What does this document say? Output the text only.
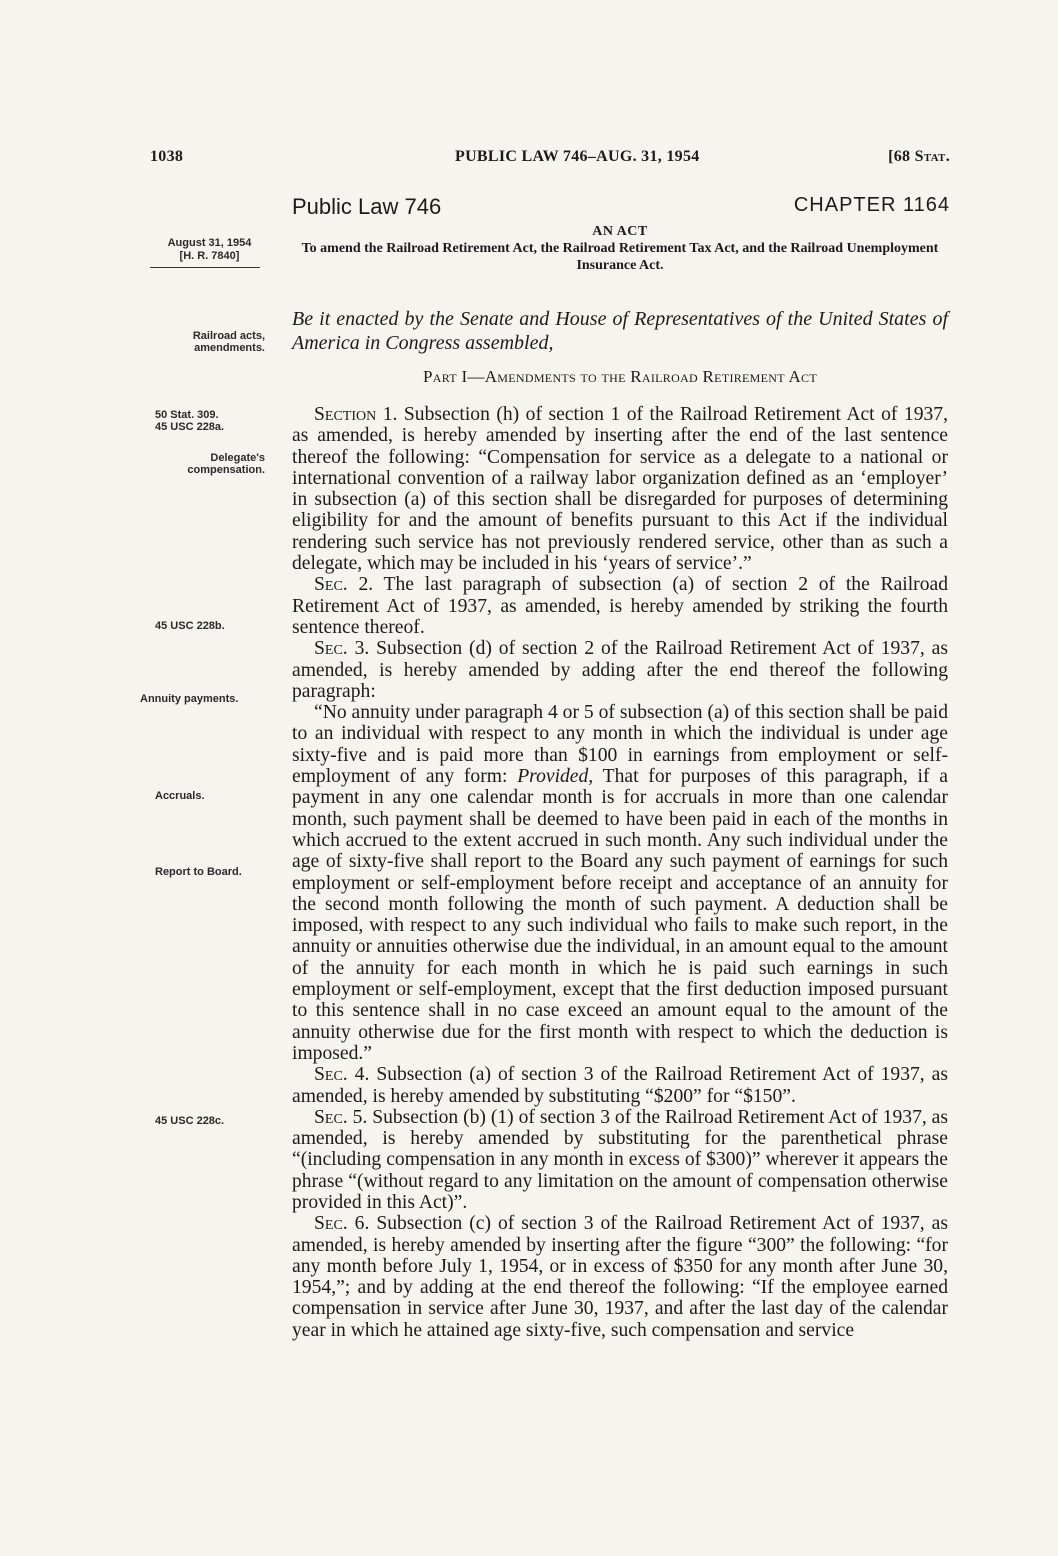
1038	PUBLIC LAW 746–AUG. 31, 1954	[68 Stat.
Public Law 746	CHAPTER 1164
AN ACT
To amend the Railroad Retirement Act, the Railroad Retirement Tax Act, and the Railroad Unemployment Insurance Act.
August 31, 1954
[H. R. 7840]
Railroad acts, amendments.
50 Stat. 309.
45 USC 228a.
Delegate's compensation.
45 USC 228b.
Annuity payments.
Accruals.
Report to Board.
45 USC 228c.
Be it enacted by the Senate and House of Representatives of the United States of America in Congress assembled,
Part I—Amendments to the Railroad Retirement Act

Section 1. Subsection (h) of section 1 of the Railroad Retirement Act of 1937, as amended, is hereby amended by inserting after the end of the last sentence thereof the following: “Compensation for service as a delegate to a national or international convention of a railway labor organization defined as an ‘employer’ in subsection (a) of this section shall be disregarded for purposes of determining eligibility for and the amount of benefits pursuant to this Act if the individual rendering such service has not previously rendered service, other than as such a delegate, which may be included in his ‘years of service’.”

Sec. 2. The last paragraph of subsection (a) of section 2 of the Railroad Retirement Act of 1937, as amended, is hereby amended by striking the fourth sentence thereof.

Sec. 3. Subsection (d) of section 2 of the Railroad Retirement Act of 1937, as amended, is hereby amended by adding after the end thereof the following paragraph:

“No annuity under paragraph 4 or 5 of subsection (a) of this section shall be paid to an individual with respect to any month in which the individual is under age sixty-five and is paid more than $100 in earnings from employment or self-employment of any form: Provided, That for purposes of this paragraph, if a payment in any one calendar month is for accruals in more than one calendar month, such payment shall be deemed to have been paid in each of the months in which accrued to the extent accrued in such month. Any such individual under the age of sixty-five shall report to the Board any such payment of earnings for such employment or self-employment before receipt and acceptance of an annuity for the second month following the month of such payment. A deduction shall be imposed, with respect to any such individual who fails to make such report, in the annuity or annuities otherwise due the individual, in an amount equal to the amount of the annuity for each month in which he is paid such earnings in such employment or self-employment, except that the first deduction imposed pursuant to this sentence shall in no case exceed an amount equal to the amount of the annuity otherwise due for the first month with respect to which the deduction is imposed.”

Sec. 4. Subsection (a) of section 3 of the Railroad Retirement Act of 1937, as amended, is hereby amended by substituting “$200” for “$150”.

Sec. 5. Subsection (b) (1) of section 3 of the Railroad Retirement Act of 1937, as amended, is hereby amended by substituting for the parenthetical phrase “(including compensation in any month in excess of $300)” wherever it appears the phrase “(without regard to any limitation on the amount of compensation otherwise provided in this Act)”.

Sec. 6. Subsection (c) of section 3 of the Railroad Retirement Act of 1937, as amended, is hereby amended by inserting after the figure “300” the following: “for any month before July 1, 1954, or in excess of $350 for any month after June 30, 1954,”; and by adding at the end thereof the following: “If the employee earned compensation in service after June 30, 1937, and after the last day of the calendar year in which he attained age sixty-five, such compensation and service
